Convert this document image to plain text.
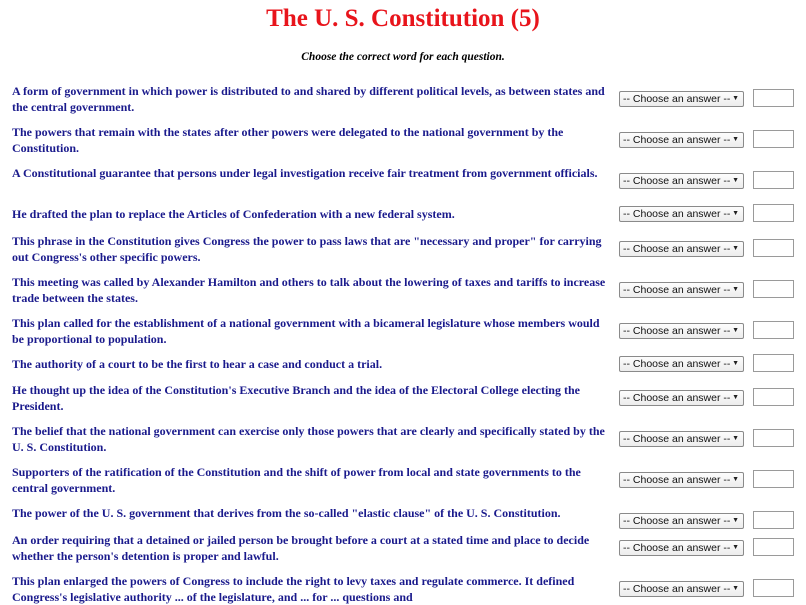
The U. S. Constitution (5)
Choose the correct word for each question.
A form of government in which power is distributed to and shared by different political levels, as between states and the central government.
-- Choose an answer -- ▼
The powers that remain with the states after other powers were delegated to the national government by the Constitution.
-- Choose an answer -- ▼
A Constitutional guarantee that persons under legal investigation receive fair treatment from government officials.
-- Choose an answer -- ▼
He drafted the plan to replace the Articles of Confederation with a new federal system.	-- Choose an answer -- ▼
This phrase in the Constitution gives Congress the power to pass laws that are "necessary and proper" for carrying out Congress's other specific powers.
-- Choose an answer -- ▼
This meeting was called by Alexander Hamilton and others to talk about the lowering of taxes and tariffs to increase trade between the states.
-- Choose an answer -- ▼
This plan called for the establishment of a national government with a bicameral legislature whose members would be proportional to population.
-- Choose an answer -- ▼
The authority of a court to be the first to hear a case and conduct a trial.	-- Choose an answer -- ▼
He thought up the idea of the Constitution's Executive Branch and the idea of the Electoral College electing the President.
-- Choose an answer -- ▼
The belief that the national government can exercise only those powers that are clearly and specifically stated by the U. S. Constitution.
-- Choose an answer -- ▼
Supporters of the ratification of the Constitution and the shift of power from local and state governments to the central government.
-- Choose an answer -- ▼
The power of the U. S. government that derives from the so-called "elastic clause" of the U. S. Constitution.
-- Choose an answer -- ▼
An order requiring that a detained or jailed person be brought before a court at a stated time and place to decide whether the person's detention is proper and lawful.
-- Choose an answer -- ▼
This plan enlarged the powers of Congress to include the right to levy taxes and regulate commerce. It defined Congress's legislative authority ... of the legislature, and ... for ... questions and
-- Choose an answer -- ▼
